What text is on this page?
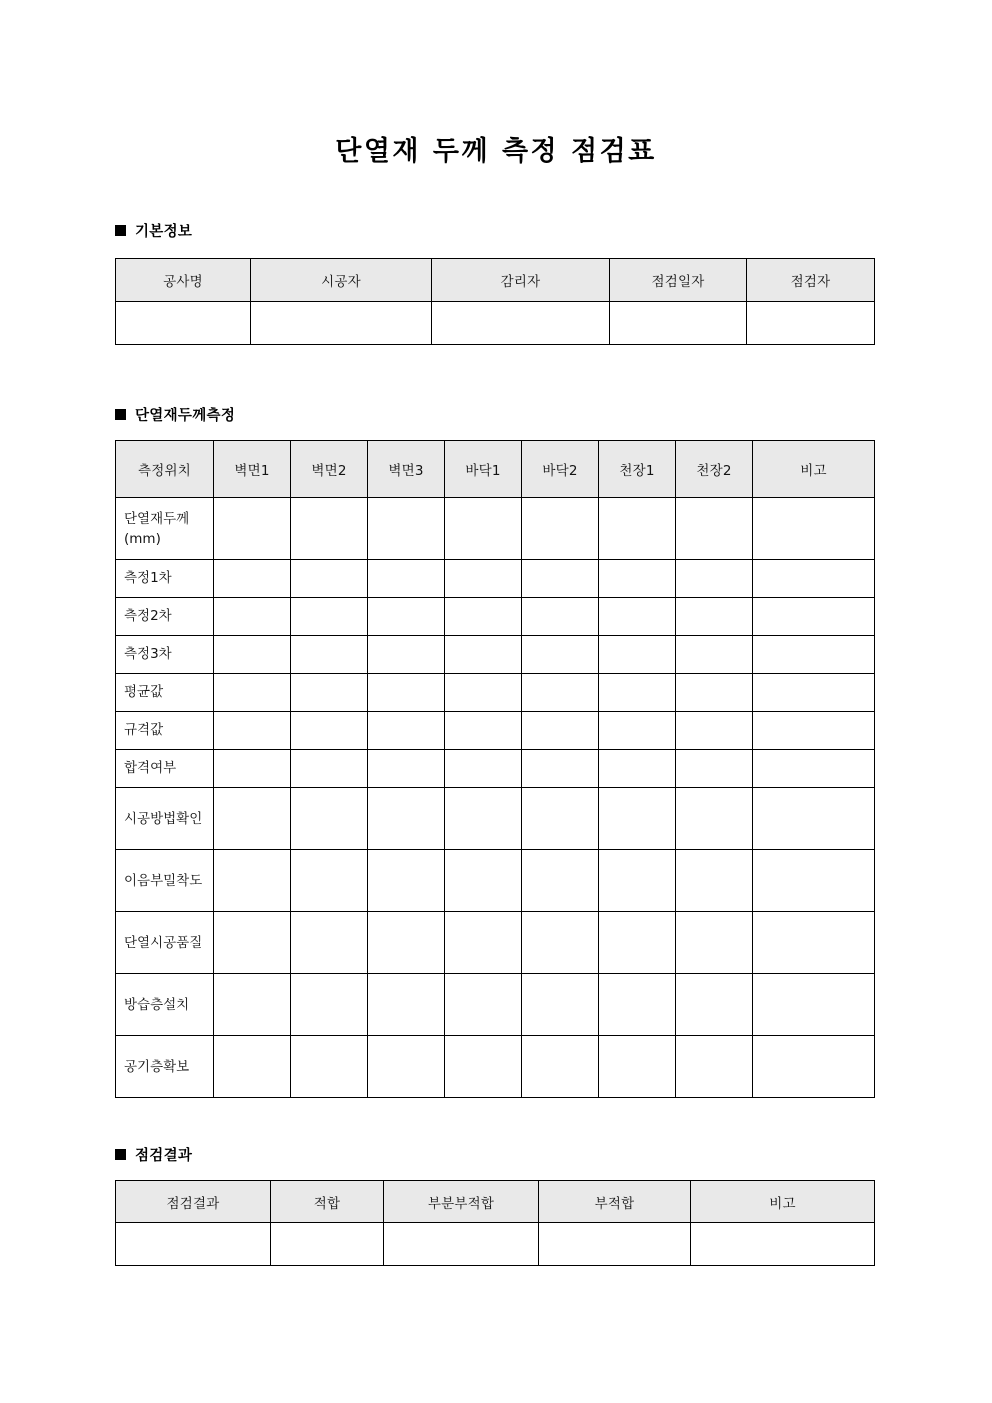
단열재 두께 측정 점검표
기본정보
공사명	시공자	감리자	점검일자	점검자

단열재두께측정
측정위치	벽면1	벽면2	벽면3	바닥1	바닥2	천장1	천장2	비고
단열재두께(mm)								
측정1차								
측정2차								
측정3차								
평균값								
규격값								
합격여부								
시공방법확인								
이음부밀착도								
단열시공품질								
방습층설치								
공기층확보								
점검결과
점검결과	적합	부분부적합	부적합	비고
